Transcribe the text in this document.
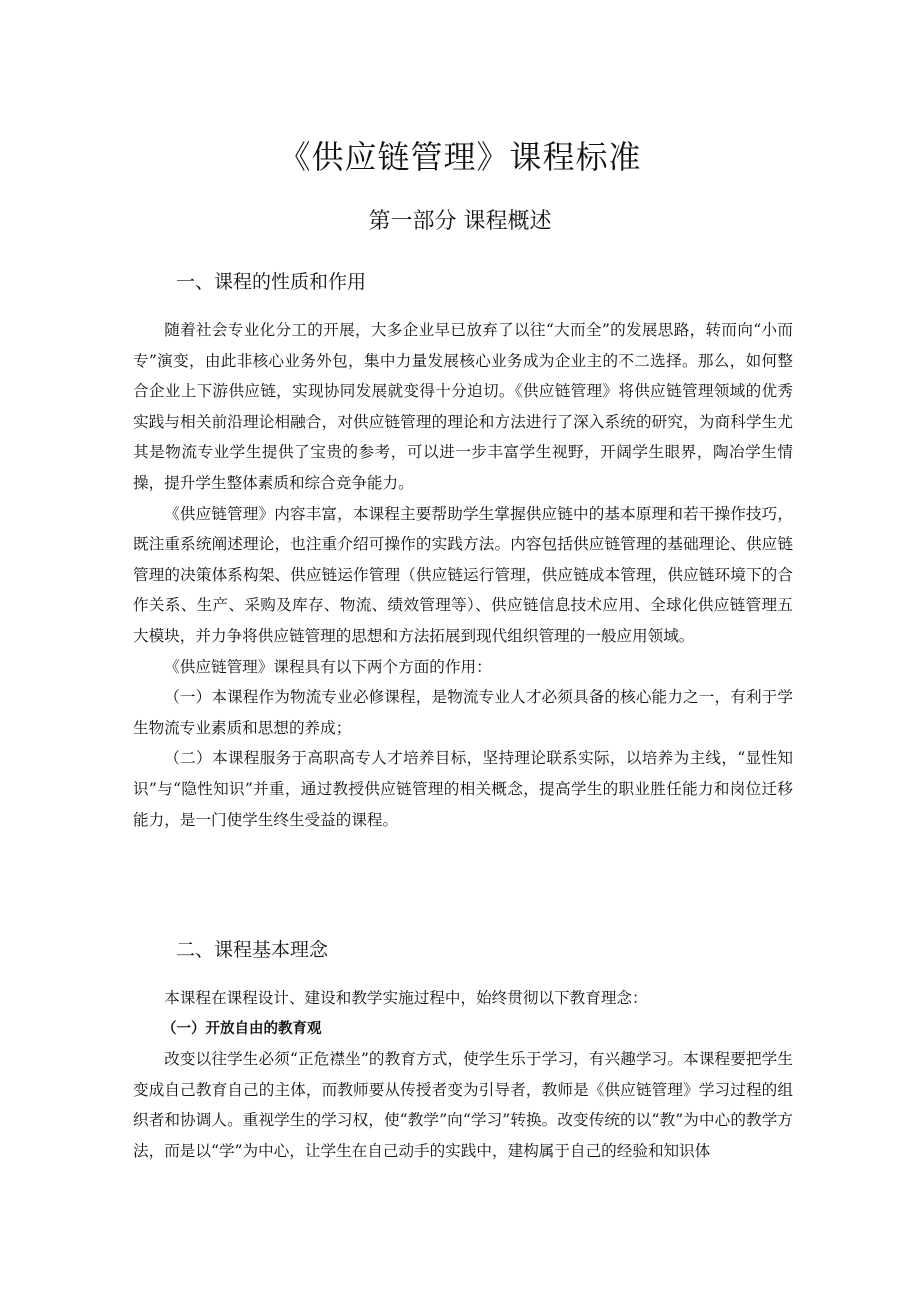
《供应链管理》课程标准
第一部分 课程概述
一、课程的性质和作用

随着社会专业化分工的开展，大多企业早已放弃了以往“大而全”的发展思路，转而向“小而专”演变，由此非核心业务外包，集中力量发展核心业务成为企业主的不二选择。那么，如何整合企业上下游供应链，实现协同发展就变得十分迫切。《供应链管理》将供应链管理领域的优秀实践与相关前沿理论相融合，对供应链管理的理论和方法进行了深入系统的研究，为商科学生尤其是物流专业学生提供了宝贵的参考，可以进一步丰富学生视野，开阔学生眼界，陶冶学生情操，提升学生整体素质和综合竞争能力。

《供应链管理》内容丰富，本课程主要帮助学生掌握供应链中的基本原理和若干操作技巧，既注重系统阐述理论，也注重介绍可操作的实践方法。内容包括供应链管理的基础理论、供应链管理的决策体系构架、供应链运作管理（供应链运行管理，供应链成本管理，供应链环境下的合作关系、生产、采购及库存、物流、绩效管理等）、供应链信息技术应用、全球化供应链管理五大模块，并力争将供应链管理的思想和方法拓展到现代组织管理的一般应用领域。

《供应链管理》课程具有以下两个方面的作用：

（一）本课程作为物流专业必修课程，是物流专业人才必须具备的核心能力之一，有利于学生物流专业素质和思想的养成；

（二）本课程服务于高职高专人才培养目标，坚持理论联系实际，以培养为主线，“显性知识”与“隐性知识”并重，通过教授供应链管理的相关概念，提高学生的职业胜任能力和岗位迁移能力，是一门使学生终生受益的课程。

二、课程基本理念

本课程在课程设计、建设和教学实施过程中，始终贯彻以下教育理念：

（一）开放自由的教育观

改变以往学生必须“正危襟坐”的教育方式，使学生乐于学习，有兴趣学习。本课程要把学生变成自己教育自己的主体，而教师要从传授者变为引导者，教师是《供应链管理》学习过程的组织者和协调人。重视学生的学习权，使“教学”向“学习”转换。改变传统的以“教”为中心的教学方法，而是以“学”为中心，让学生在自己动手的实践中，建构属于自己的经验和知识体
